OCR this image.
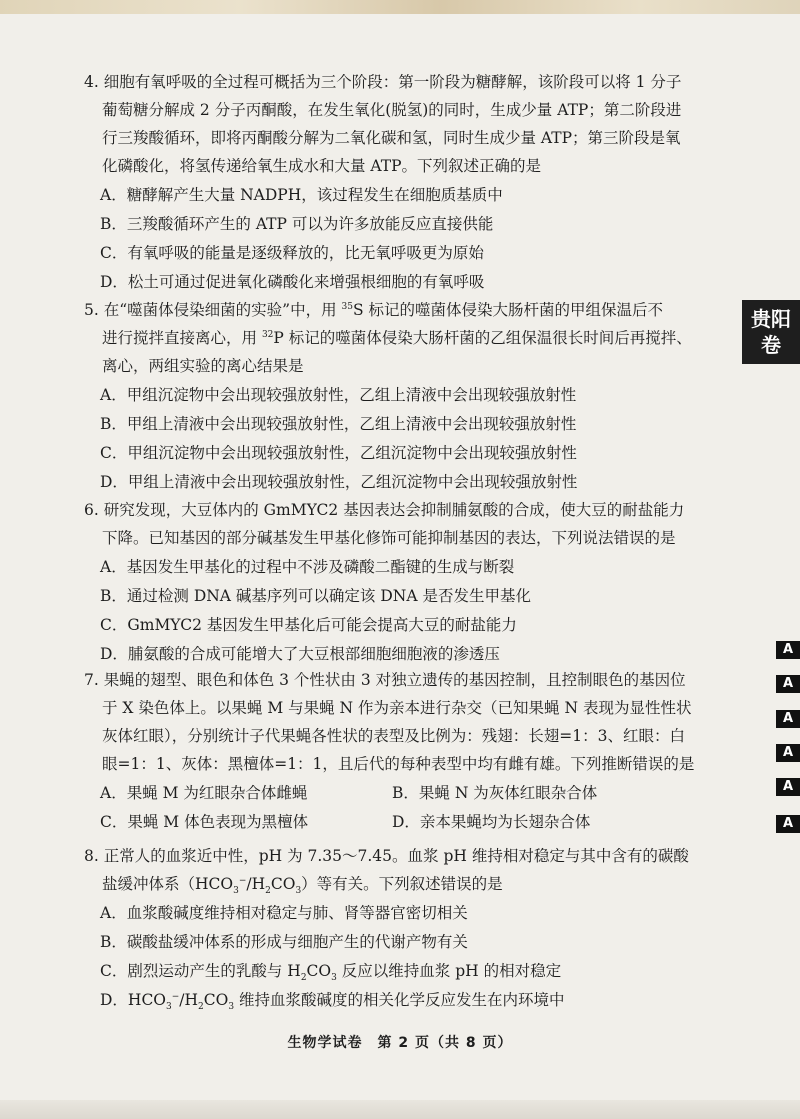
4. 细胞有氧呼吸的全过程可概括为三个阶段：第一阶段为糖酵解，该阶段可以将 1 分子
葡萄糖分解成 2 分子丙酮酸，在发生氧化(脱氢)的同时，生成少量 ATP；第二阶段进
行三羧酸循环，即将丙酮酸分解为二氧化碳和氢，同时生成少量 ATP；第三阶段是氧
化磷酸化，将氢传递给氧生成水和大量 ATP。下列叙述正确的是
A．糖酵解产生大量 NADPH，该过程发生在细胞质基质中
B．三羧酸循环产生的 ATP 可以为许多放能反应直接供能
C．有氧呼吸的能量是逐级释放的，比无氧呼吸更为原始
D．松土可通过促进氧化磷酸化来增强根细胞的有氧呼吸
5. 在“噬菌体侵染细菌的实验”中，用 $^{35}$S 标记的噬菌体侵染大肠杆菌的甲组保温后不
进行搅拌直接离心，用 $^{32}$P 标记的噬菌体侵染大肠杆菌的乙组保温很长时间后再搅拌、
离心，两组实验的离心结果是
A．甲组沉淀物中会出现较强放射性，乙组上清液中会出现较强放射性
B．甲组上清液中会出现较强放射性，乙组上清液中会出现较强放射性
C．甲组沉淀物中会出现较强放射性，乙组沉淀物中会出现较强放射性
D．甲组上清液中会出现较强放射性，乙组沉淀物中会出现较强放射性
6. 研究发现，大豆体内的 GmMYC2 基因表达会抑制脯氨酸的合成，使大豆的耐盐能力
下降。已知基因的部分碱基发生甲基化修饰可能抑制基因的表达，下列说法错误的是
A．基因发生甲基化的过程中不涉及磷酸二酯键的生成与断裂
B．通过检测 DNA 碱基序列可以确定该 DNA 是否发生甲基化
C．GmMYC2 基因发生甲基化后可能会提高大豆的耐盐能力
D．脯氨酸的合成可能增大了大豆根部细胞细胞液的渗透压
7. 果蝇的翅型、眼色和体色 3 个性状由 3 对独立遗传的基因控制，且控制眼色的基因位
于 X 染色体上。以果蝇 M 与果蝇 N 作为亲本进行杂交（已知果蝇 N 表现为显性性状
灰体红眼），分别统计子代果蝇各性状的表型及比例为：残翅：长翅=1：3、红眼：白
眼=1：1、灰体：黑檀体=1：1，且后代的每种表型中均有雌有雄。下列推断错误的是
A．果蝇 M 为红眼杂合体雌蝇	B．果蝇 N 为灰体红眼杂合体
C．果蝇 M 体色表现为黑檀体	D．亲本果蝇均为长翅杂合体
8. 正常人的血浆近中性，pH 为 7.35～7.45。血浆 pH 维持相对稳定与其中含有的碳酸
盐缓冲体系$(HCO_3^-/H_2CO_3)$等有关。下列叙述错误的是
A．血浆酸碱度维持相对稳定与肺、肾等器官密切相关
B．碳酸盐缓冲体系的形成与细胞产生的代谢产物有关
C．剧烈运动产生的乳酸与 $H_2CO_3$ 反应以维持血浆 pH 的相对稳定
D．$HCO_3^-/H_2CO_3$ 维持血浆酸碱度的相关化学反应发生在内环境中
贵阳
卷
A
A
A
A
A
A
生物学试卷　第 2 页（共 8 页）
